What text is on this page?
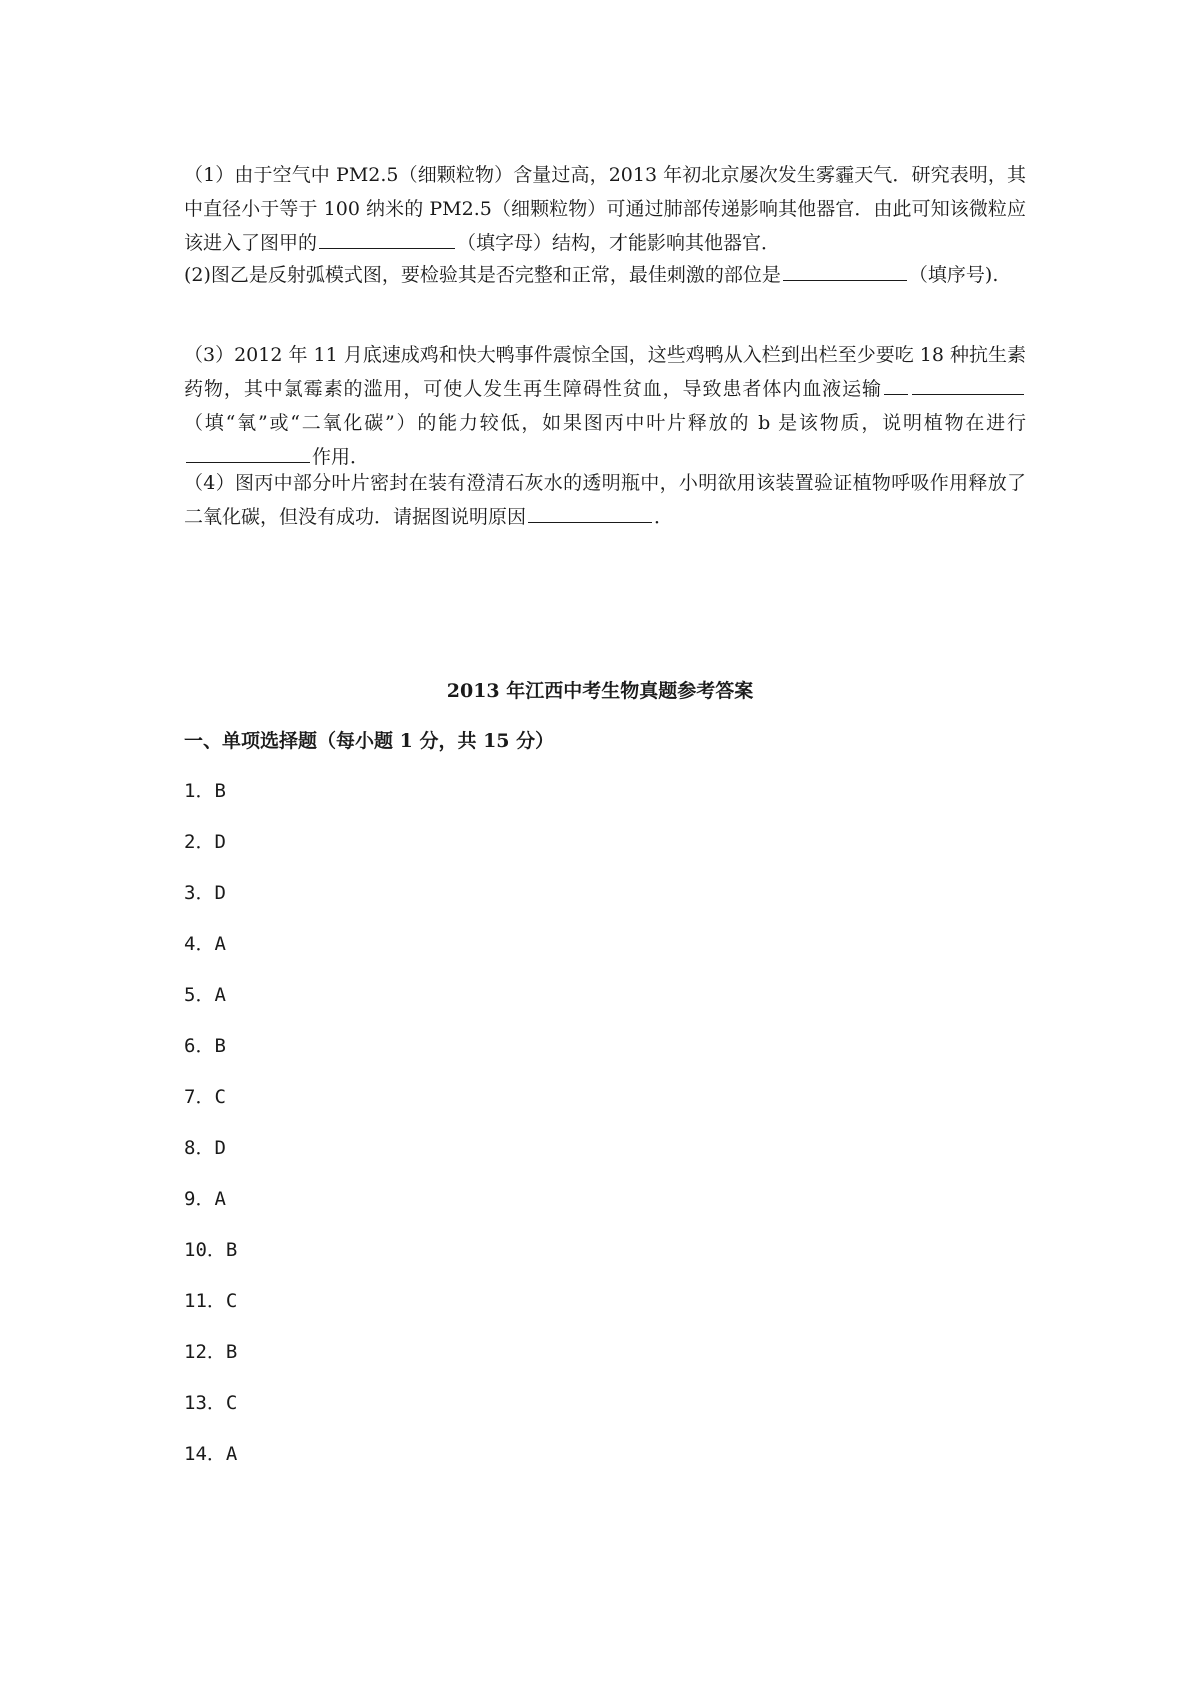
（1）由于空气中 PM2.5（细颗粒物）含量过高，2013 年初北京屡次发生雾霾天气．研究表明，其中直径小于等于 100 纳米的 PM2.5（细颗粒物）可通过肺部传递影响其他器官．由此可知该微粒应该进入了图甲的	（填字母）结构，才能影响其他器官．

(2)图乙是反射弧模式图，要检验其是否完整和正常，最佳刺激的部位是	（填序号).

（3）2012 年 11 月底速成鸡和快大鸭事件震惊全国，这些鸡鸭从入栏到出栏至少要吃 18 种抗生素药物，其中氯霉素的滥用，可使人发生再生障碍性贫血，导致患者体内血液运输（填“氧”或“二氧化碳”）的能力较低，如果图丙中叶片释放的 b 是该物质，说明植物在进行作用．

（4）图丙中部分叶片密封在装有澄清石灰水的透明瓶中，小明欲用该装置验证植物呼吸作用释放了二氧化碳，但没有成功．请据图说明原因	．

2013 年江西中考生物真题参考答案

一、单项选择题（每小题 1 分，共 15 分）

1．B

2．D

3．D

4．A

5．A

6．B

7．C

8．D

9．A

10．B

11．C

12．B

13．C

14．A
